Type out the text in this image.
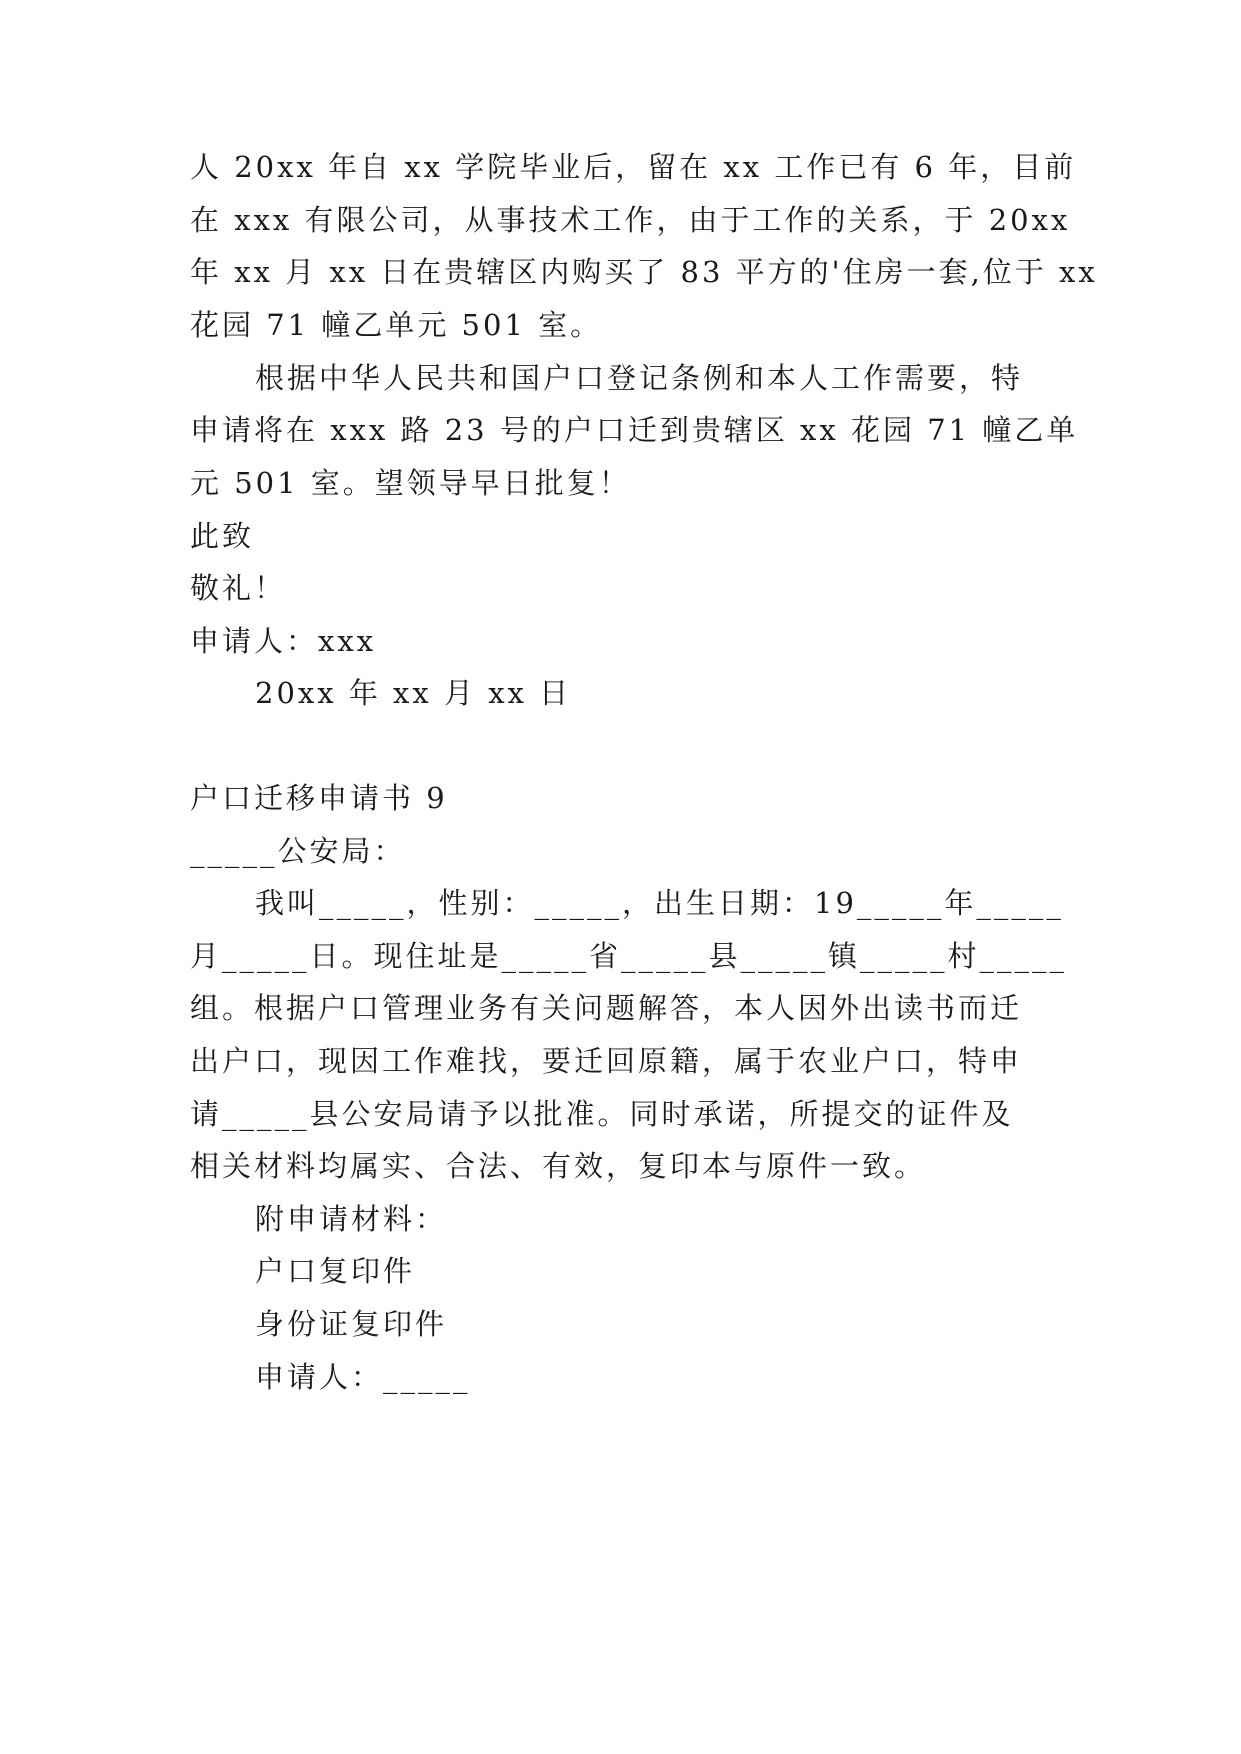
人 20xx 年自 xx 学院毕业后，留在 xx 工作已有 6 年，目前
在 xxx 有限公司，从事技术工作，由于工作的关系，于 20xx
年 xx 月 xx 日在贵辖区内购买了 83 平方的'住房一套,位于 xx
花园 71 幢乙单元 501 室。
根据中华人民共和国户口登记条例和本人工作需要，特
申请将在 xxx 路 23 号的户口迁到贵辖区 xx 花园 71 幢乙单
元 501 室。望领导早日批复！
此致
敬礼！
申请人：xxx
20xx 年 xx 月 xx 日
户口迁移申请书 9
_____公安局：
我叫_____，性别：_____，出生日期：19_____年_____
月_____日。现住址是_____省_____县_____镇_____村_____
组。根据户口管理业务有关问题解答，本人因外出读书而迁
出户口，现因工作难找，要迁回原籍，属于农业户口，特申
请_____县公安局请予以批准。同时承诺，所提交的证件及
相关材料均属实、合法、有效，复印本与原件一致。
附申请材料：
户口复印件
身份证复印件
申请人：_____
